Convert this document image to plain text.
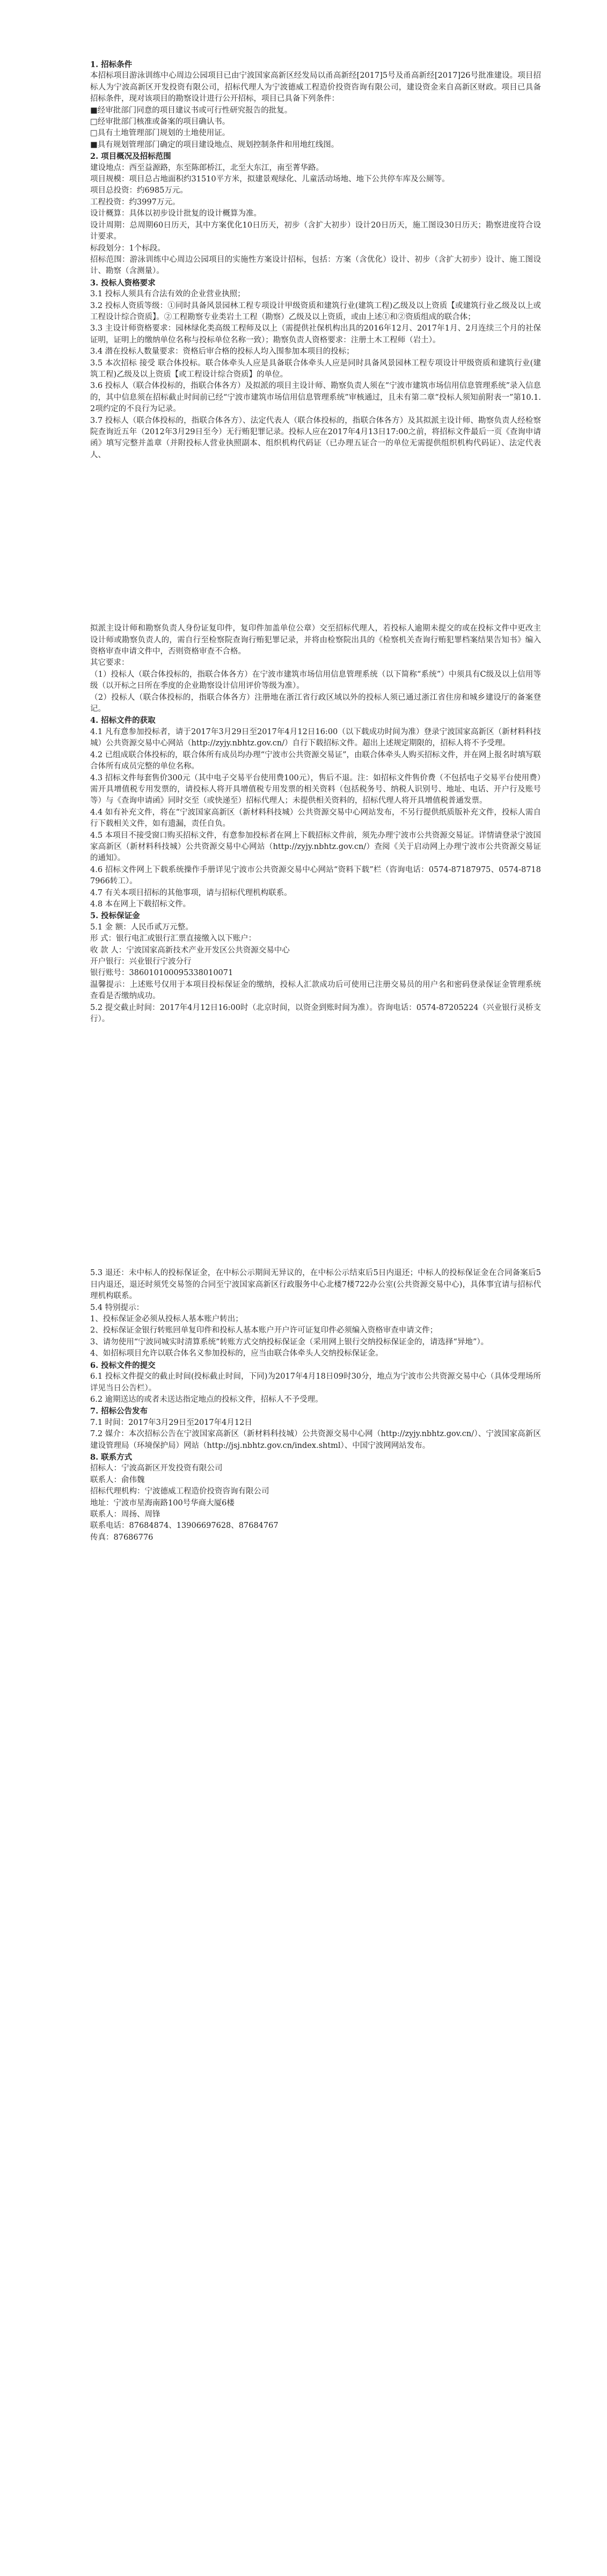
1. 招标条件

本招标项目游泳训练中心周边公园项目已由宁波国家高新区经发局以甬高新经[2017]5号及甬高新经[2017]26号批准建设。项目招标人为宁波高新区开发投资有限公司，招标代理人为宁波德威工程造价投资咨询有限公司，建设资金来自高新区财政。项目已具备招标条件，现对该项目的勘察设计进行公开招标，项目已具备下列条件：

■经审批部门同意的项目建议书或可行性研究报告的批复。

□经审批部门核准或备案的项目确认书。

□具有土地管理部门规划的土地使用证。

■具有规划管理部门确定的项目建设地点、规划控制条件和用地红线图。

2. 项目概况及招标范围

建设地点：西至益源路，东至陈郎桥江，北至大东江，南至菁华路。

项目规模：项目总占地面积约31510平方米，拟建景观绿化、儿童活动场地、地下公共停车库及公厕等。

项目总投资：约6985万元。

工程投资：约3997万元。

设计概算：具体以初步设计批复的设计概算为准。

设计周期：总周期60日历天，其中方案优化10日历天，初步（含扩大初步）设计20日历天，施工图设30日历天；勘察进度符合设计要求。

标段划分：1个标段。

招标范围：游泳训练中心周边公园项目的实施性方案设计招标，包括：方案（含优化）设计、初步（含扩大初步）设计、施工图设计、勘察（含测量）。

3. 投标人资格要求

3.1 投标人须具有合法有效的企业营业执照；

3.2 投标人资质等级：①同时具备风景园林工程专项设计甲级资质和建筑行业(建筑工程)乙级及以上资质【或建筑行业乙级及以上或工程设计综合资质】。②工程勘察专业类岩土工程（勘察）乙级及以上资质，或由上述①和②资质组成的联合体；

3.3 主设计师资格要求：园林绿化类高级工程师及以上（需提供社保机构出具的2016年12月、2017年1月、2月连续三个月的社保证明，证明上的缴纳单位名称与投标单位名称一致）；勘察负责人资格要求：注册土木工程师（岩土）。

3.4 潜在投标人数量要求：资格后审合格的投标人均入围参加本项目的投标；

3.5 本次招标 接受 联合体投标。联合体牵头人应是具备联合体牵头人应是同时具备风景园林工程专项设计甲级资质和建筑行业(建筑工程)乙级及以上资质【或工程设计综合资质】的单位。

3.6 投标人（联合体投标的，指联合体各方）及拟派的项目主设计师、勘察负责人须在“宁波市建筑市场信用信息管理系统”录入信息的，其中信息须在招标截止时间前已经“宁波市建筑市场信用信息管理系统”审核通过，且未有第二章“投标人须知前附表一”第10.1.2项约定的不良行为记录。

3.7 投标人（联合体投标的，指联合体各方）、法定代表人（联合体投标的，指联合体各方）及其拟派主设计师、勘察负责人经检察院查询近五年（2012年3月29日至今）无行贿犯罪记录。投标人应在2017年4月13日17:00之前，将招标文件最后一页《查询申请函》填写完整并盖章（并附投标人营业执照副本、组织机构代码证（已办理五证合一的单位无需提供组织机构代码证）、法定代表人、

拟派主设计师和勘察负责人身份证复印件，复印件加盖单位公章）交至招标代理人，若投标人逾期未提交的或在投标文件中更改主设计师或勘察负责人的，需自行至检察院查询行贿犯罪记录，并将由检察院出具的《检察机关查询行贿犯罪档案结果告知书》编入资格审查申请文件中，否则资格审查不合格。

其它要求：

（1）投标人（联合体投标的，指联合体各方）在宁波市建筑市场信用信息管理系统（以下简称“系统”）中须具有C级及以上信用等级（以开标之日所在季度的企业勘察设计信用评价等级为准）。

（2）投标人（联合体投标的，指联合体各方）注册地在浙江省行政区域以外的投标人须已通过浙江省住房和城乡建设厅的备案登记。

4. 招标文件的获取

4.1 凡有意参加投标者，请于2017年3月29日至2017年4月12日16:00（以下载成功时间为准）登录宁波国家高新区（新材料科技城）公共资源交易中心网站（http://zyjy.nbhtz.gov.cn/）自行下载招标文件。超出上述规定期限的，招标人将不予受理。

4.2 已组成联合体投标的，联合体所有成员均办理“宁波市公共资源交易证”，由联合体牵头人购买招标文件，并在网上报名时填写联合体所有成员完整的单位名称。

4.3 招标文件每套售价300元（其中电子交易平台使用费100元），售后不退。注：如招标文件售价费（不包括电子交易平台使用费）需开具增值税专用发票的，请投标人将开具增值税专用发票的相关资料（包括税务号、纳税人识别号、地址、电话、开户行及账号等）与《查询申请函》同时交至（或快递至）招标代理人；未提供相关资料的，招标代理人将开具增值税普通发票。

4.4 如有补充文件，将在“宁波国家高新区（新材料科技城）公共资源交易中心网站发布，不另行提供纸质版补充文件，投标人需自行下载相关文件，如有遗漏，责任自负。

4.5 本项目不接受窗口购买招标文件，有意参加投标者在网上下载招标文件前，须先办理宁波市公共资源交易证。详情请登录宁波国家高新区（新材料科技城）公共资源交易中心网站（http://zyjy.nbhtz.gov.cn/）查阅《关于启动网上办理宁波市公共资源交易证的通知》。

4.6 招标文件网上下载系统操作手册详见宁波市公共资源交易中心网站“资料下载”栏（咨询电话：0574-87187975、0574-87187966转工）。

4.7 有关本项目招标的其他事项，请与招标代理机构联系。

4.8 本在网上下载招标文件。

5. 投标保证金

5.1 金 额：人民币贰万元整。

形 式：银行电汇或银行汇票直接缴入以下账户：

收 款 人：宁波国家高新技术产业开发区公共资源交易中心

开户银行：兴业银行宁波分行

银行账号：386010100095338010071

温馨提示：上述账号仅用于本项目投标保证金的缴纳，投标人汇款成功后可使用已注册交易员的用户名和密码登录保证金管理系统查看是否缴纳成功。

5.2 提交截止时间：2017年4月12日16:00时（北京时间，以资金到账时间为准）。咨询电话：0574-87205224（兴业银行灵桥支行）。

5.3 退还：未中标人的投标保证金，在中标公示期间无异议的，在中标公示结束后5日内退还；中标人的投标保证金在合同备案后5日内退还，退还时须凭交易签的合同至宁波国家高新区行政服务中心北楼7楼722办公室(公共资源交易中心)，具体事宜请与招标代理机构联系。

5.4 特别提示：

1、投标保证金必须从投标人基本账户转出；

2、投标保证金银行转账回单复印件和投标人基本账户开户许可证复印件必须编入资格审查申请文件；

3、请勿使用“宁波同城实时清算系统”转账方式交纳投标保证金（采用网上银行交纳投标保证金的，请选择“异地”）。

4、如招标项目允许以联合体名义参加投标的，应当由联合体牵头人交纳投标保证金。

6. 投标文件的提交

6.1 投标文件提交的截止时间(投标截止时间，下同)为2017年4月18日09时30分，地点为宁波市公共资源交易中心（具体受理场所详见当日公告栏）。

6.2 逾期送达的或者未送达指定地点的投标文件，招标人不予受理。

7. 招标公告发布

7.1 时间：2017年3月29日至2017年4月12日

7.2 媒介：本次招标公告在宁波国家高新区（新材料科技城）公共资源交易中心网（http://zyjy.nbhtz.gov.cn/）、宁波国家高新区建设管理局（环境保护局）网站（http://jsj.nbhtz.gov.cn/index.shtml）、中国宁波网网站发布。

8. 联系方式

招标人：宁波高新区开发投资有限公司

联系人：俞伟魏

招标代理机构：宁波德威工程造价投资咨询有限公司

地址：宁波市星海南路100号华商大厦6楼

联系人：周扬、周锋

联系电话：87684874、13906697628、87684767

传真：87686776
